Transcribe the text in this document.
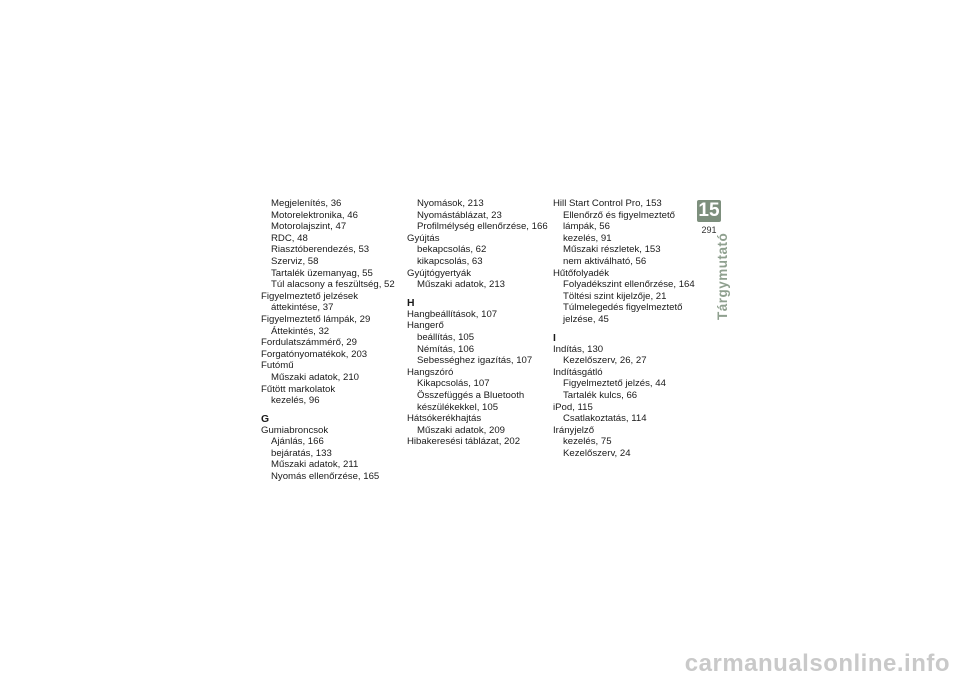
Megjelenítés, 36
Motorelektronika, 46
Motorolajszint, 47
RDC, 48
Riasztóberendezés, 53
Szerviz, 58
Tartalék üzemanyag, 55
Túl alacsony a feszültség, 52
Figyelmeztető jelzések
áttekintése, 37
Figyelmeztető lámpák, 29
Áttekintés, 32
Fordulatszámmérő, 29
Forgatónyomatékok, 203
Futómű
Műszaki adatok, 210
Fűtött markolatok
kezelés, 96
G
Gumiabroncsok
Ajánlás, 166
bejáratás, 133
Műszaki adatok, 211
Nyomás ellenőrzése, 165
Nyomások, 213
Nyomástáblázat, 23
Profilmélység ellenőrzése, 166
Gyújtás
bekapcsolás, 62
kikapcsolás, 63
Gyújtógyertyák
Műszaki adatok, 213
H
Hangbeállítások, 107
Hangerő
beállítás, 105
Némítás, 106
Sebességhez igazítás, 107
Hangszóró
Kikapcsolás, 107
Összefüggés a Bluetooth
készülékekkel, 105
Hátsókerékhajtás
Műszaki adatok, 209
Hibakeresési táblázat, 202
Hill Start Control Pro, 153
Ellenőrző és figyelmeztető
lámpák, 56
kezelés, 91
Műszaki részletek, 153
nem aktiválható, 56
Hűtőfolyadék
Folyadékszint ellenőrzése, 164
Töltési szint kijelzője, 21
Túlmelegedés figyelmeztető
jelzése, 45
I
Indítás, 130
Kezelőszerv, 26, 27
Indításgátló
Figyelmeztető jelzés, 44
Tartalék kulcs, 66
iPod, 115
Csatlakoztatás, 114
Irányjelző
kezelés, 75
Kezelőszerv, 24
15
291
Tárgymutató
carmanualsonline.info
